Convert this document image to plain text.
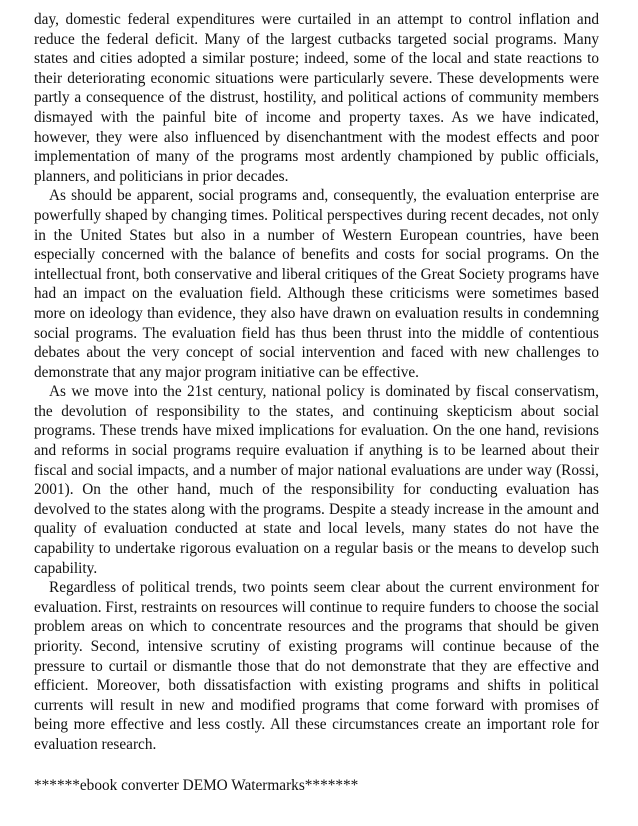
day, domestic federal expenditures were curtailed in an attempt to control inflation and reduce the federal deficit. Many of the largest cutbacks targeted social programs. Many states and cities adopted a similar posture; indeed, some of the local and state reactions to their deteriorating economic situations were particularly severe. These developments were partly a consequence of the distrust, hostility, and political actions of community members dismayed with the painful bite of income and property taxes. As we have indicated, however, they were also influenced by disenchantment with the modest effects and poor implementation of many of the programs most ardently championed by public officials, planners, and politicians in prior decades.

As should be apparent, social programs and, consequently, the evaluation enterprise are powerfully shaped by changing times. Political perspectives during recent decades, not only in the United States but also in a number of Western European countries, have been especially concerned with the balance of benefits and costs for social programs. On the intellectual front, both conservative and liberal critiques of the Great Society programs have had an impact on the evaluation field. Although these criticisms were sometimes based more on ideology than evidence, they also have drawn on evaluation results in condemning social programs. The evaluation field has thus been thrust into the middle of contentious debates about the very concept of social intervention and faced with new challenges to demonstrate that any major program initiative can be effective.

As we move into the 21st century, national policy is dominated by fiscal conservatism, the devolution of responsibility to the states, and continuing skepticism about social programs. These trends have mixed implications for evaluation. On the one hand, revisions and reforms in social programs require evaluation if anything is to be learned about their fiscal and social impacts, and a number of major national evaluations are under way (Rossi, 2001). On the other hand, much of the responsibility for conducting evaluation has devolved to the states along with the programs. Despite a steady increase in the amount and quality of evaluation conducted at state and local levels, many states do not have the capability to undertake rigorous evaluation on a regular basis or the means to develop such capability.

Regardless of political trends, two points seem clear about the current environment for evaluation. First, restraints on resources will continue to require funders to choose the social problem areas on which to concentrate resources and the programs that should be given priority. Second, intensive scrutiny of existing programs will continue because of the pressure to curtail or dismantle those that do not demonstrate that they are effective and efficient. Moreover, both dissatisfaction with existing programs and shifts in political currents will result in new and modified programs that come forward with promises of being more effective and less costly. All these circumstances create an important role for evaluation research.

******ebook converter DEMO Watermarks*******
